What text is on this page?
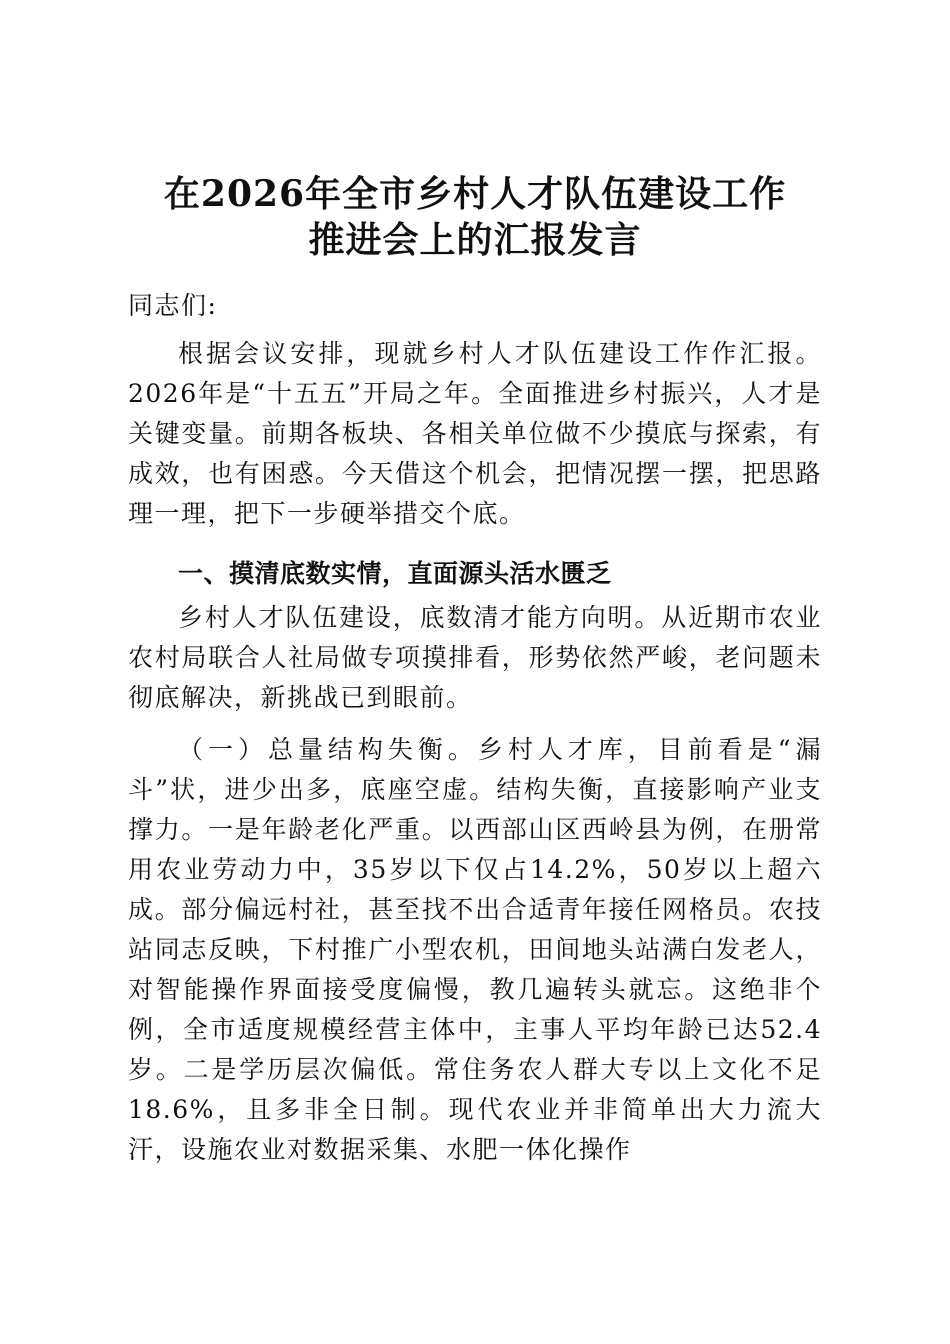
在2026年全市乡村人才队伍建设工作
推进会上的汇报发言
同志们:
根据会议安排，现就乡村人才队伍建设工作作汇报。2026年是“十五五”开局之年。全面推进乡村振兴，人才是关键变量。前期各板块、各相关单位做不少摸底与探索，有成效，也有困惑。今天借这个机会，把情况摆一摆，把思路理一理，把下一步硬举措交个底。
一、摸清底数实情，直面源头活水匮乏
乡村人才队伍建设，底数清才能方向明。从近期市农业农村局联合人社局做专项摸排看，形势依然严峻，老问题未彻底解决，新挑战已到眼前。
（一）总量结构失衡。乡村人才库，目前看是“漏斗”状，进少出多，底座空虚。结构失衡，直接影响产业支撑力。一是年龄老化严重。以西部山区西岭县为例，在册常用农业劳动力中，35岁以下仅占14.2%，50岁以上超六成。部分偏远村社，甚至找不出合适青年接任网格员。农技站同志反映，下村推广小型农机，田间地头站满白发老人，对智能操作界面接受度偏慢，教几遍转头就忘。这绝非个例，全市适度规模经营主体中，主事人平均年龄已达52.4岁。二是学历层次偏低。常住务农人群大专以上文化不足18.6%，且多非全日制。现代农业并非简单出大力流大汗，设施农业对数据采集、水肥一体化操作
